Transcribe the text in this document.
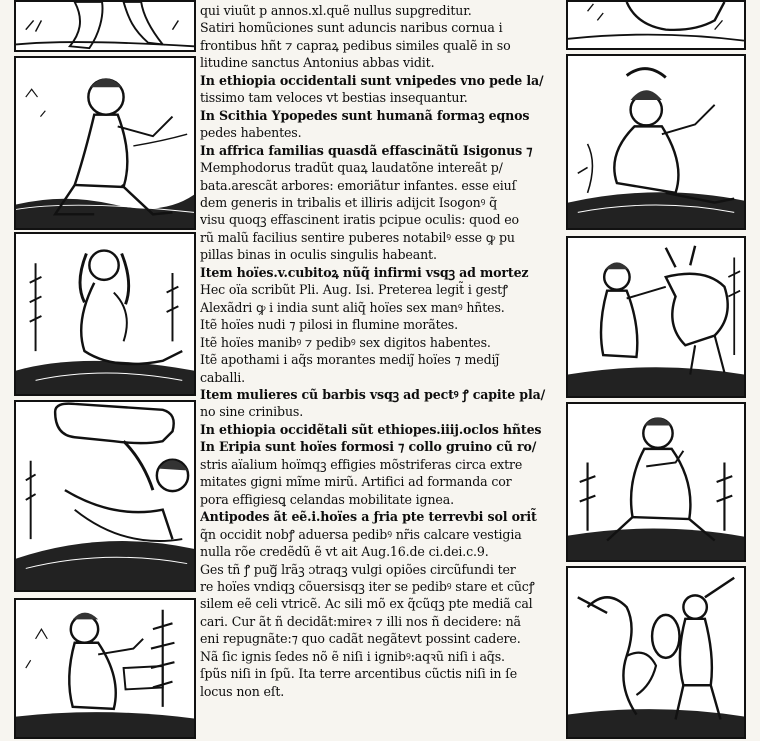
qui viuũt p annos.xl.quẽ nullus supgreditur.
Satiri homũciones sunt aduncis naribus cornua i
frontibus hñt ⁊ capraꝝ pedibus similes qualẽ in so
litudine sanctus Antonius abbas vidit.
In ethiopia occidentali sunt vnipedes vno pede la/
tissimo tam veloces vt bestias insequantur.
In Scithia Ypopedes sunt humanã formaꝫ eqnos
pedes habentes.
In affrica familias quasdã effascinãtũ Isigonus ⁊
Memphodorus tradũt quaꝝ laudatõne intereãt p/
bata.arescãt arbores: emoriãtur infantes. esse eiuſ
dem generis in tribalis et illiris adijcit Isogonꝰ q̃
visu quoqꝫ effascinent iratis pcipue oculis: quod eo
rũ malũ facilius sentire puberes notabilꝰ esse ꝙ pu
pillas binas in oculis singulis habeant.
Item hoïes.v.cubitoꝝ nũq̃ infirmi vsqꝫ ad mortez
Hec oïa scribũt Pli. Aug. Isi. Preterea legit̃ i gestꝭ
Alexãdri ꝙ i india sunt aliq̃ hoïes sex manꝰ hñtes.
Itẽ hoïes nudi ⁊ pilosi in flumine morãtes.
Itẽ hoïes manibꝰ ⁊ pedibꝰ sex digitos habentes.
Itẽ apothami i aq̃s morantes mediȷ̃ hoïes ⁊ mediȷ̃
caballi.
Item mulieres cũ barbis vsqꝫ ad pectꝰ ꝭ capite pla/
no sine crinibus.
In ethiopia occidẽtali sũt ethiopes.iiij.oclos hñtes
In Eripia sunt hoïes formosi ⁊ collo gruino cũ ro/
stris aïalium hoïmqꝫ effigies mõstriferas circa extre
mitates gigni mĩme mirũ. Artifici ad formanda cor
pora effigiesꝗ celandas mobilitate ignea.
Antipodes ãt eẽ.i.hoïes a ƒria pte terrevbi sol orit̃
q̃n occidit nobꝭ aduersa pedibꝰ nr̃is calcare vestigia
nulla rõe credẽdũ ẽ vt ait Aug.16.de ci.dei.c.9.
Ges tñ ꝭ pugᷓ lrãꝫ ɔtraqꝫ vulgi opiões circũfundi ter
re hoïes vndiqꝫ cõuersisqꝫ iter se pedibꝰ stare et cũcꝭ
silem eẽ celi vtricẽ. Ac sili mõ ex q̃cũqꝫ pte mediã cal
cari. Cur ãt ñ decidãt:mireꝛ ⁊ illi nos ñ decidere: nã
eni repugnãte:⁊ quo cadãt negãtevt possint cadere.
Nã ſic ignis ſedes nõ ẽ niſi i ignibꝰ:aqꝛũ niſi i aq̃s.
ſpũs niſi in ſpũ. Ita terre arcentibus cũctis niſi in ſe
locus non eſt.
